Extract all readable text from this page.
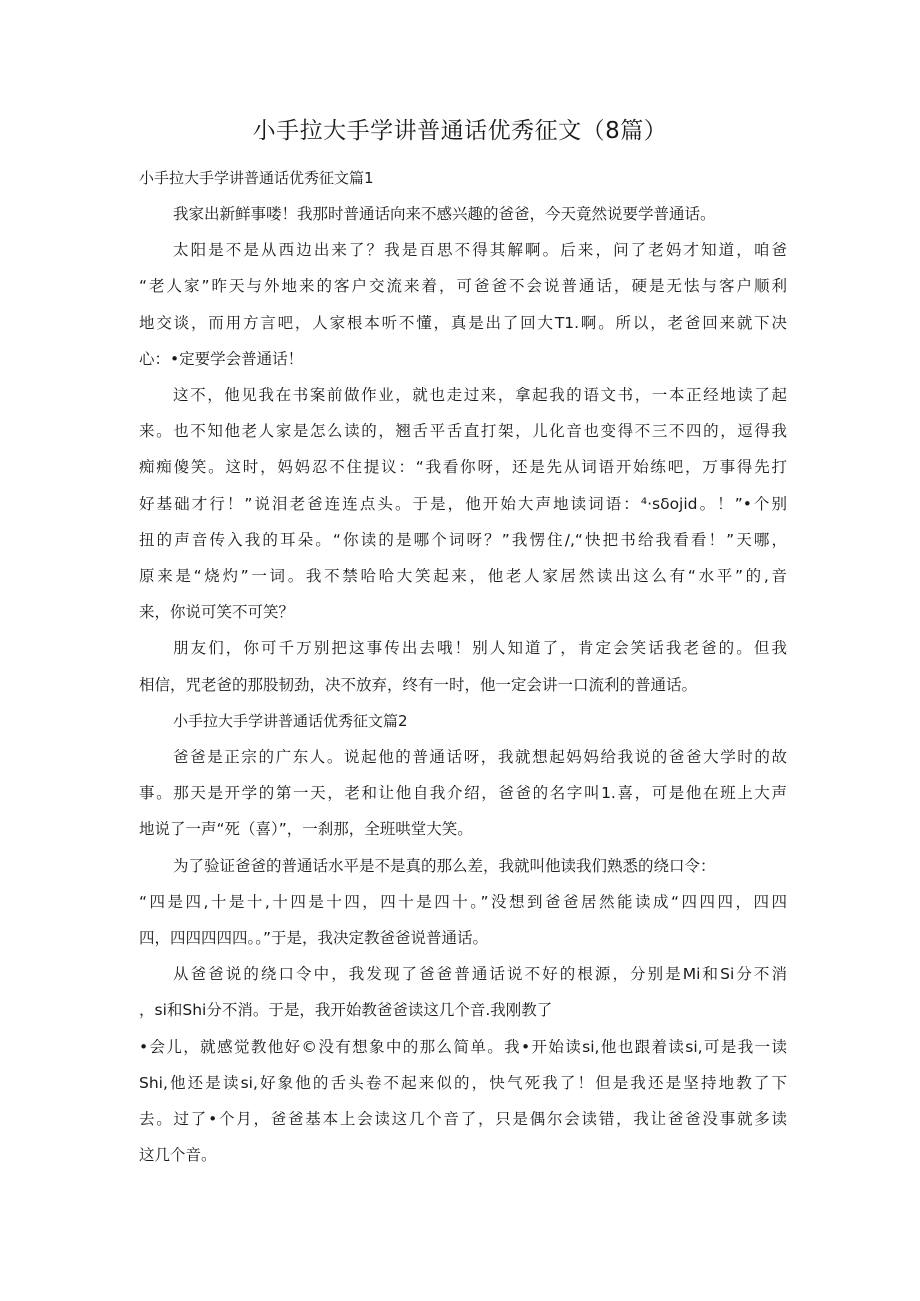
小手拉大手学讲普通话优秀征文（8篇）

小手拉大手学讲普通话优秀征文篇1

我家出新鲜事喽！我那时普通话向来不感兴趣的爸爸，今天竟然说要学普通话。

太阳是不是从西边出来了？我是百思不得其解啊。后来，问了老妈才知道，咱爸

“老人家”昨天与外地来的客户交流来着，可爸爸不会说普通话，硬是无怯与客户顺利

地交谈，而用方言吧，人家根本听不懂，真是出了回大T1.啊。所以，老爸回来就下决

心：•定要学会普通话！

这不，他见我在书案前做作业，就也走过来，拿起我的语文书，一本正经地读了起

来。也不知他老人家是怎么读的，翘舌平舌直打架，儿化音也变得不三不四的，逗得我

痴痴傻笑。这时，妈妈忍不住提议：“我看你呀，还是先从词语开始练吧，万事得先打

好基础才行！”说泪老爸连连点头。于是，他开始大声地读词语：⁴·sδojid。！”•个别

扭的声音传入我的耳朵。“你读的是哪个词呀？”我愣住/,“快把书给我看看！”天哪，

原来是“烧灼”一词。我不禁哈哈大笑起来，他老人家居然读出这么有“水平”的,音

来，你说可笑不可笑？

朋友们，你可千万别把这事传出去哦！别人知道了，肯定会笑话我老爸的。但我

相信，咒老爸的那股韧劲，决不放弃，终有一时，他一定会讲一口流利的普通话。

小手拉大手学讲普通话优秀征文篇2

爸爸是正宗的广东人。说起他的普通话呀，我就想起妈妈给我说的爸爸大学时的故

事。那天是开学的第一天，老和让他自我介绍，爸爸的名字叫1.喜，可是他在班上大声

地说了一声“死（喜）”，一刹那，全班哄堂大笑。

为了验证爸爸的普通话水平是不是真的那么差，我就叫他读我们熟悉的绕口令：

“四是四,十是十,十四是十四，四十是四十。”没想到爸爸居然能读成“四四四，四四

四，四四四四四。。”于是，我决定教爸爸说普通话。

从爸爸说的绕口令中，我发现了爸爸普通话说不好的根源，分别是Mi和Si分不消

，si和Shi分不消。于是，我开始教爸爸读这几个音.我刚教了

•会儿，就感觉教他好©没有想象中的那么简单。我•开始读si,他也跟着读si,可是我一读

Shi,他还是读si,好象他的舌头卷不起来似的，快气死我了！但是我还是坚持地教了下

去。过了•个月，爸爸基本上会读这几个音了，只是偶尔会读错，我让爸爸没事就多读

这几个音。
